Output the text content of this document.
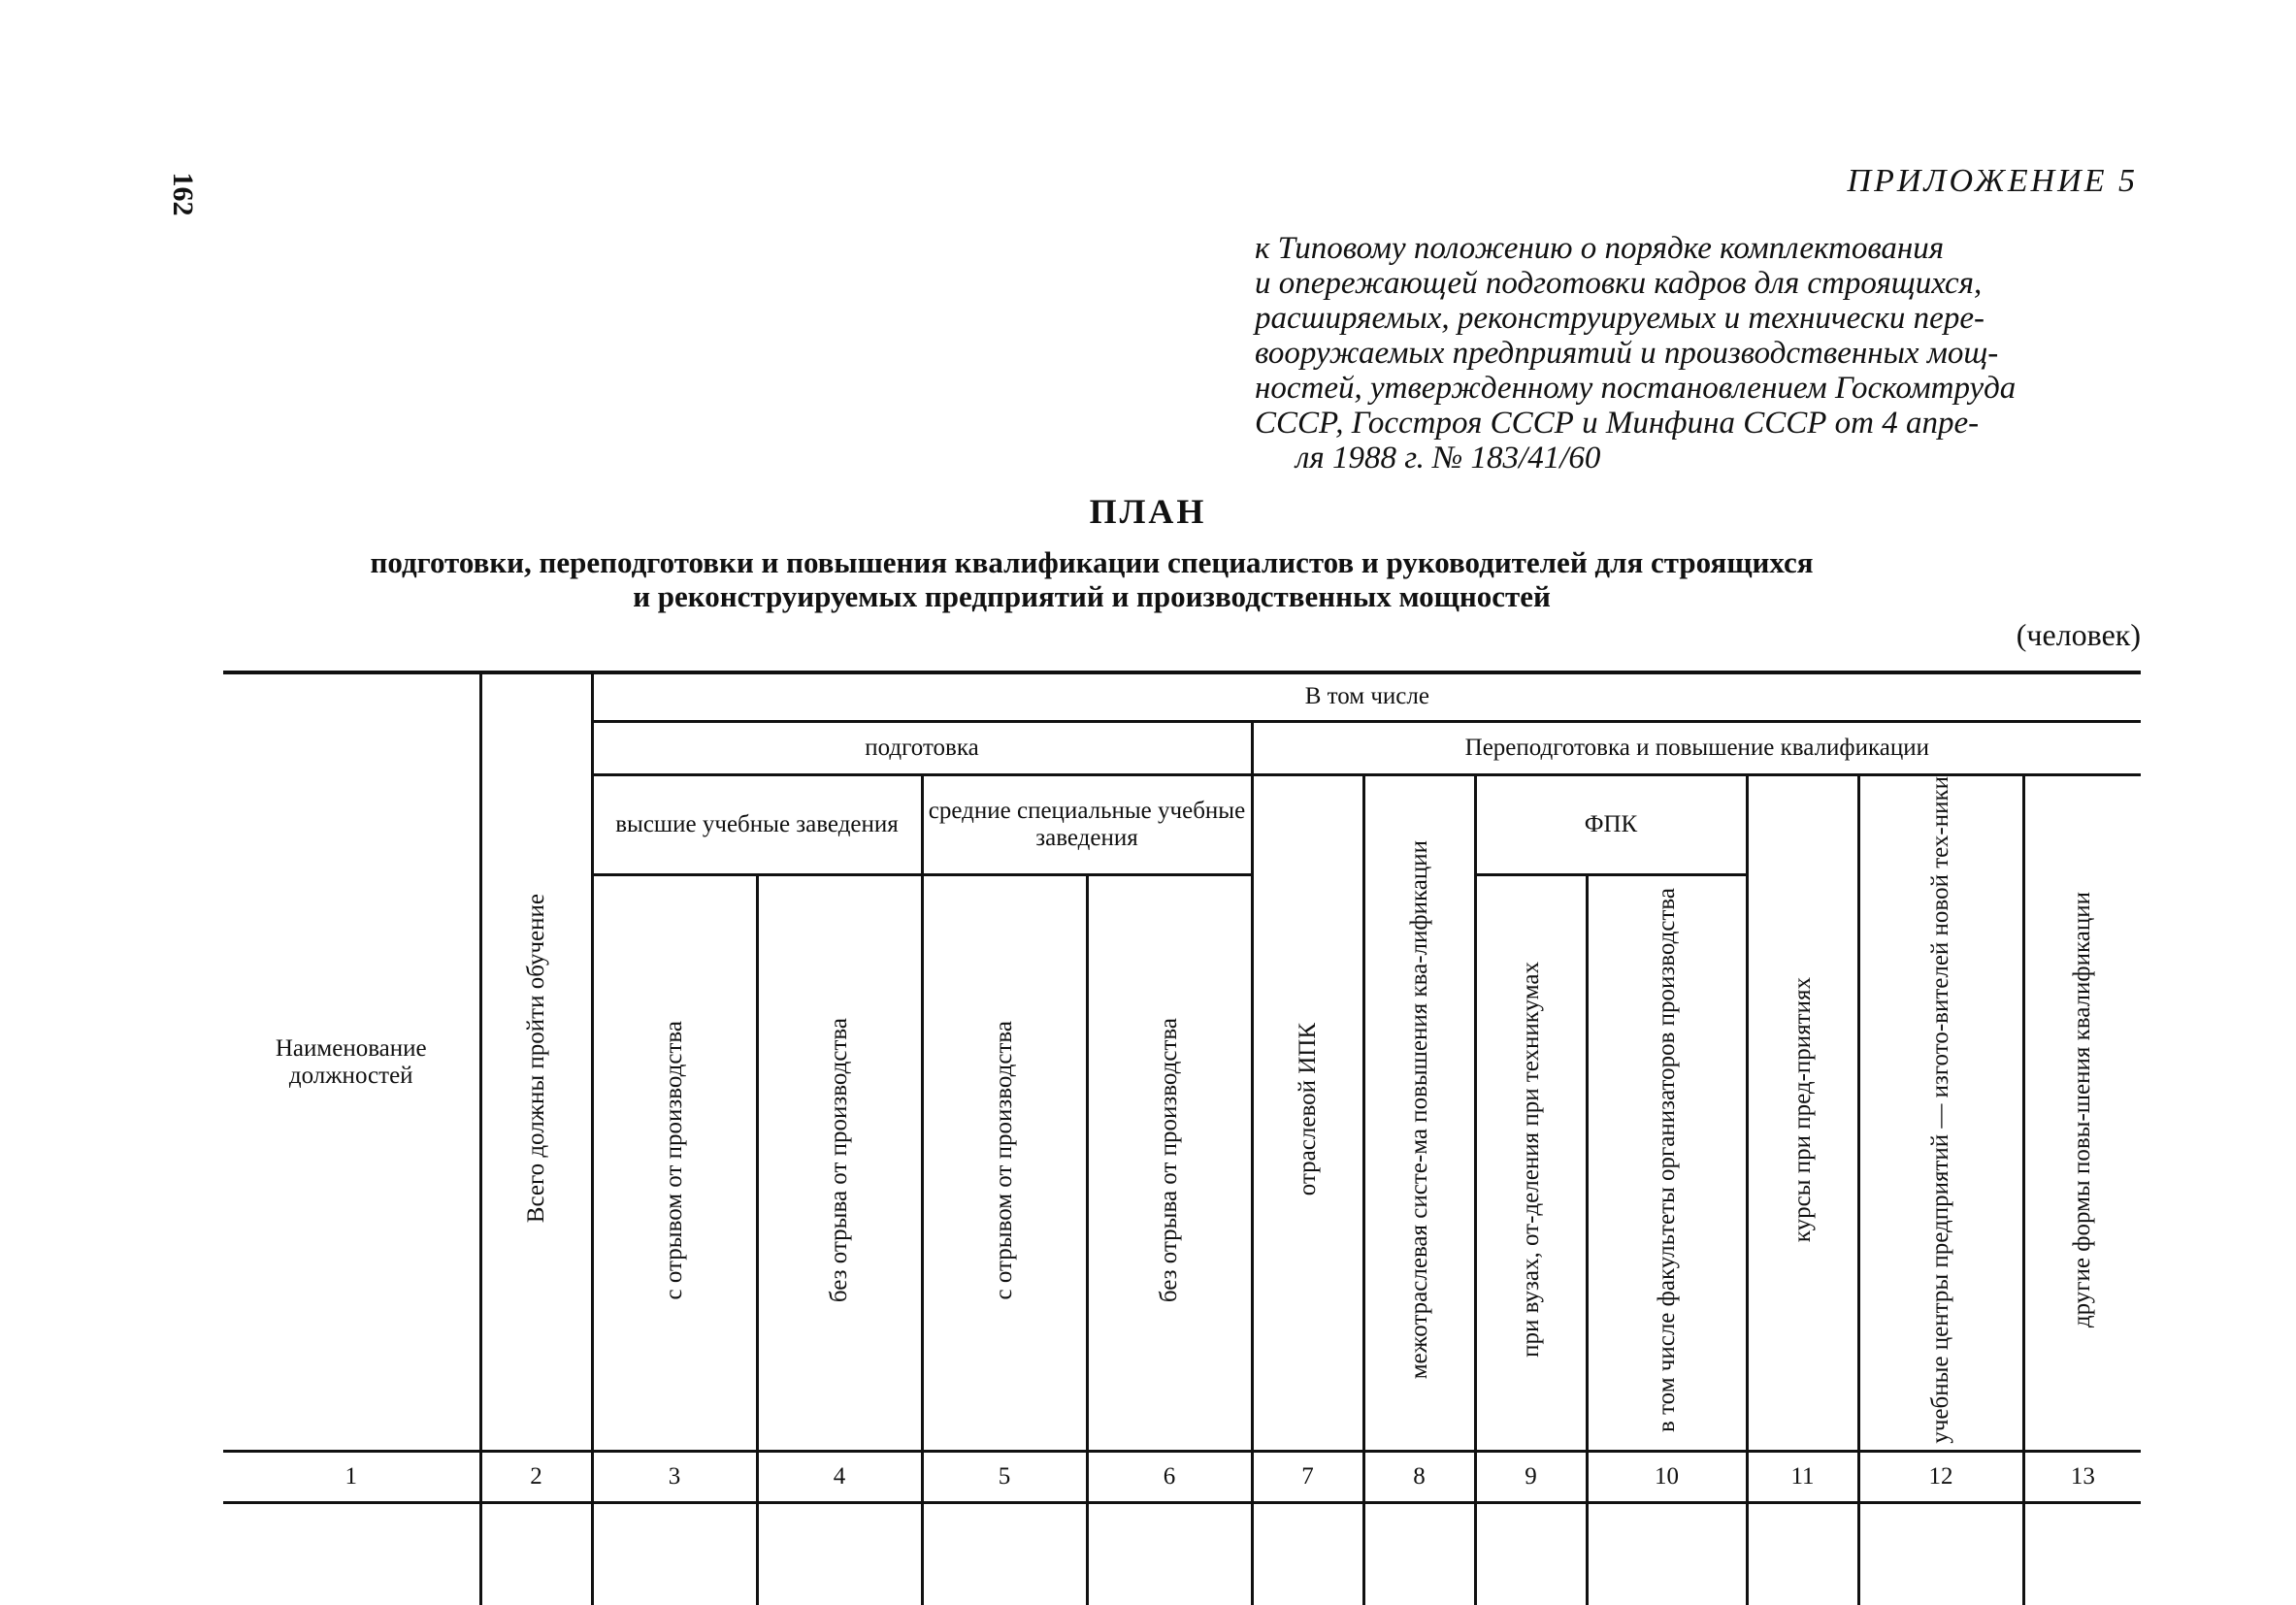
162	ПРИЛОЖЕНИЕ 5
к Типовому положению о порядке комплектования
и опережающей подготовки кадров для строящихся,
расширяемых, реконструируемых и технически пере-
вооружаемых предприятий и производственных мощ-
ностей, утвержденному постановлением Госкомтруда
СССР, Госстроя СССР и Минфина СССР от 4 апре-
ля 1988 г. № 183/41/60
ПЛАН
подготовки, переподготовки и повышения квалификации специалистов и руководителей для строящихся
и реконструируемых предприятий и производственных мощностей
(человек)
Наименование должностей	Всего должны пройти обучение	В том числе										
		подготовка				Переподготовка и повышение квалификации						
		высшие учебные заведения		средние специальные учебные заведения		отраслевой ИПК	межотраслевая систе-ма повышения ква-лификации	ФПК		курсы при пред-приятиях	учебные центры предприятий — изгото-вителей новой тех-ники	другие формы повы-шения квалификации
		с отрывом от производства	без отрыва от производства	с отрывом от производства	без отрыва от производства			при вузах, от-деления при техникумах	в том числе факультеты организаторов производства			
1	2	3	4	5	6	7	8	9	10	11	12	13
